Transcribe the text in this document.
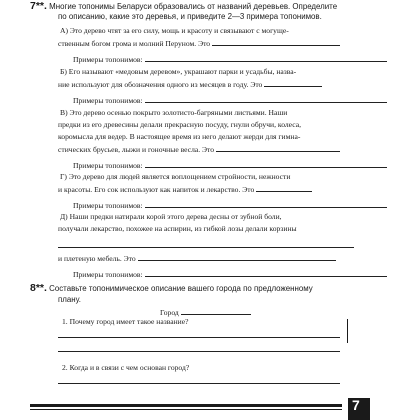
7**. Многие топонимы Беларуси образовались от названий деревьев. Определите
по описанию, какие это деревья, и приведите 2—3 примера топонимов.
А) Это дерево чтят за его силу, мощь и красоту и связывают с могуще-
ственным богом грома и молний Перуном. Это
Примеры топонимов:
Б) Его называют «медовым деревом», украшают парки и усадьбы, назва-
ние используют для обозначения одного из месяцев в году. Это
Примеры топонимов:
В) Это дерево осенью покрыто золотисто-багряными листьями. Наши
предки из его древесины делали прекрасную посуду, гнули обручи, колеса,
коромысла для ведер. В настоящее время из него делают жерди для гимна-
стических брусьев, лыжи и гоночные весла. Это
Примеры топонимов:
Г) Это дерево для людей является воплощением стройности, нежности
и красоты. Его сок используют как напиток и лекарство. Это
Примеры топонимов:
Д) Наши предки натирали корой этого дерева десны от зубной боли,
получали лекарство, похожее на аспирин, из гибкой лозы делали корзины
и плетеную мебель. Это
Примеры топонимов:
8**. Составьте топонимическое описание вашего города по предложенному
плану.
Город
1. Почему город имеет такое название?
2. Когда и в связи с чем основан город?
7
